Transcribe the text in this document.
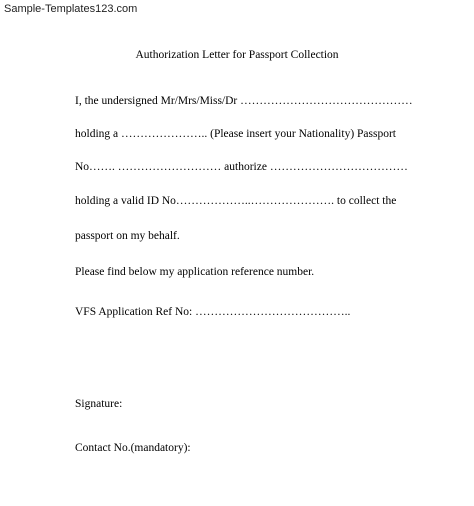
Sample-Templates123.com
Authorization Letter for Passport Collection
I, the undersigned Mr/Mrs/Miss/Dr ………………………………………
holding a ………………….. (Please insert your Nationality) Passport
No……. ……………………… authorize ………………………………
holding a valid ID No………………..…………………. to collect the
passport on my behalf.
Please find below my application reference number.
VFS Application Ref No: …………………………………..
Signature:
Contact No.(mandatory):
